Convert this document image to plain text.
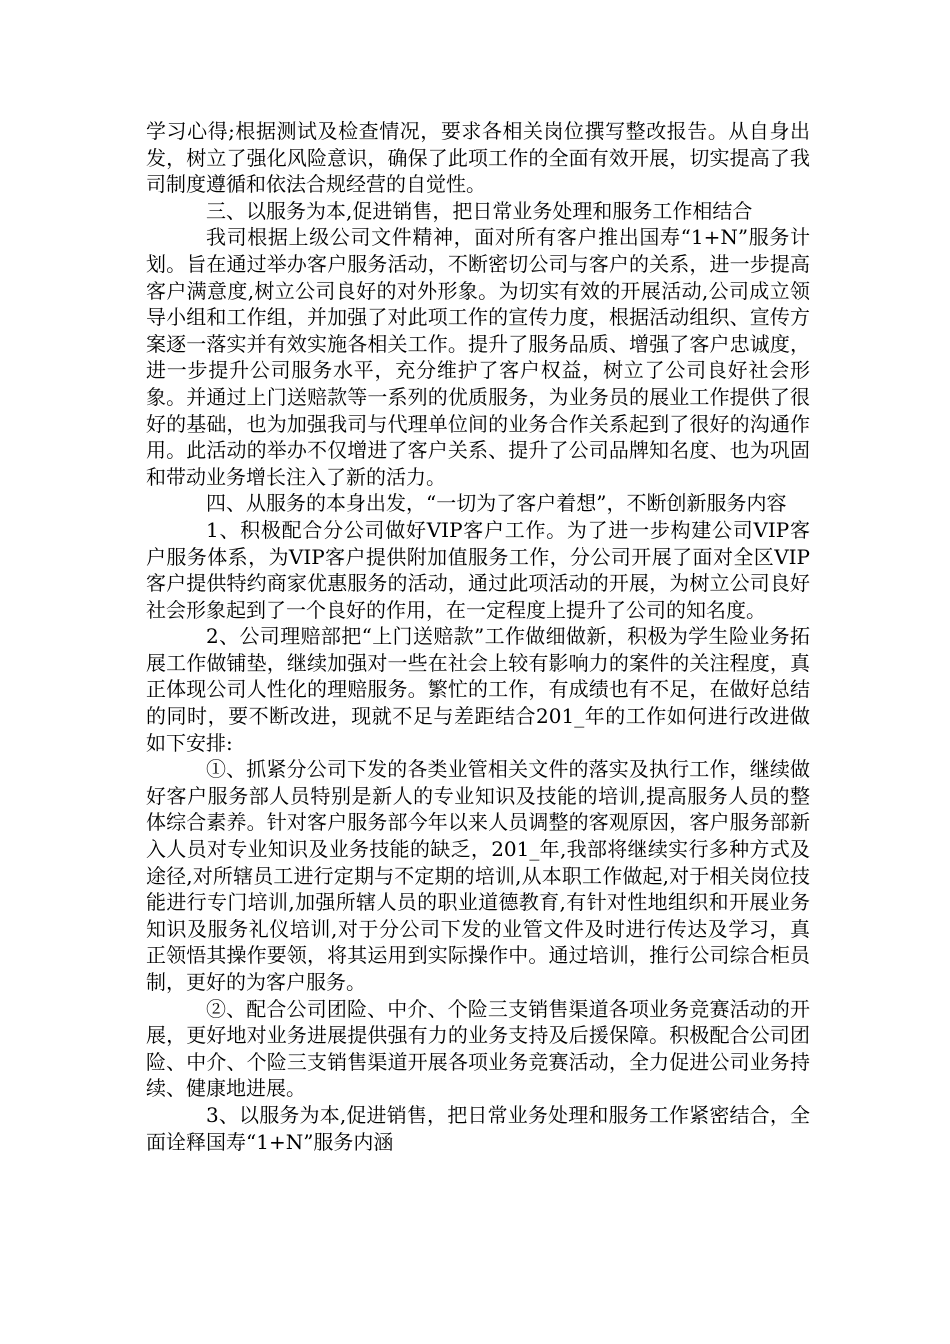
学习心得;根据测试及检查情况，要求各相关岗位撰写整改报告。从自身出发，树立了强化风险意识，确保了此项工作的全面有效开展，切实提高了我司制度遵循和依法合规经营的自觉性。

三、以服务为本,促进销售，把日常业务处理和服务工作相结合

我司根据上级公司文件精神，面对所有客户推出国寿“1+N”服务计划。旨在通过举办客户服务活动，不断密切公司与客户的关系，进一步提高客户满意度,树立公司良好的对外形象。为切实有效的开展活动,公司成立领导小组和工作组，并加强了对此项工作的宣传力度，根据活动组织、宣传方案逐一落实并有效实施各相关工作。提升了服务品质、增强了客户忠诚度，进一步提升公司服务水平，充分维护了客户权益，树立了公司良好社会形象。并通过上门送赔款等一系列的优质服务，为业务员的展业工作提供了很好的基础，也为加强我司与代理单位间的业务合作关系起到了很好的沟通作用。此活动的举办不仅增进了客户关系、提升了公司品牌知名度、也为巩固和带动业务增长注入了新的活力。

四、从服务的本身出发，“一切为了客户着想”，不断创新服务内容

1、积极配合分公司做好VIP客户工作。为了进一步构建公司VIP客户服务体系，为VIP客户提供附加值服务工作，分公司开展了面对全区VIP客户提供特约商家优惠服务的活动，通过此项活动的开展，为树立公司良好社会形象起到了一个良好的作用，在一定程度上提升了公司的知名度。

2、公司理赔部把“上门送赔款”工作做细做新，积极为学生险业务拓展工作做铺垫，继续加强对一些在社会上较有影响力的案件的关注程度，真正体现公司人性化的理赔服务。繁忙的工作，有成绩也有不足，在做好总结的同时，要不断改进，现就不足与差距结合201_年的工作如何进行改进做如下安排:

①、抓紧分公司下发的各类业管相关文件的落实及执行工作，继续做好客户服务部人员特别是新人的专业知识及技能的培训,提高服务人员的整体综合素养。针对客户服务部今年以来人员调整的客观原因，客户服务部新入人员对专业知识及业务技能的缺乏，201_年,我部将继续实行多种方式及途径,对所辖员工进行定期与不定期的培训,从本职工作做起,对于相关岗位技能进行专门培训,加强所辖人员的职业道德教育,有针对性地组织和开展业务知识及服务礼仪培训,对于分公司下发的业管文件及时进行传达及学习，真正领悟其操作要领，将其运用到实际操作中。通过培训，推行公司综合柜员制，更好的为客户服务。

②、配合公司团险、中介、个险三支销售渠道各项业务竞赛活动的开展，更好地对业务进展提供强有力的业务支持及后援保障。积极配合公司团险、中介、个险三支销售渠道开展各项业务竞赛活动，全力促进公司业务持续、健康地进展。

3、以服务为本,促进销售，把日常业务处理和服务工作紧密结合，全面诠释国寿“1+N”服务内涵
